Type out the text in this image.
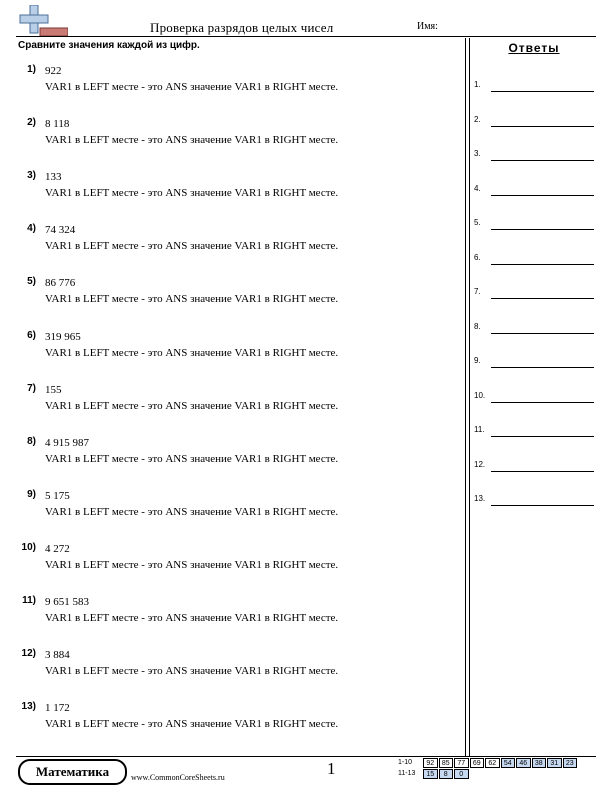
Проверка разрядов целых чисел	Имя:
Сравните значения каждой из цифр.
1) 922
VAR1 в LEFT месте - это ANS значение VAR1 в RIGHT месте.
2) 8 118
VAR1 в LEFT месте - это ANS значение VAR1 в RIGHT месте.
3) 133
VAR1 в LEFT месте - это ANS значение VAR1 в RIGHT месте.
4) 74 324
VAR1 в LEFT месте - это ANS значение VAR1 в RIGHT месте.
5) 86 776
VAR1 в LEFT месте - это ANS значение VAR1 в RIGHT месте.
6) 319 965
VAR1 в LEFT месте - это ANS значение VAR1 в RIGHT месте.
7) 155
VAR1 в LEFT месте - это ANS значение VAR1 в RIGHT месте.
8) 4 915 987
VAR1 в LEFT месте - это ANS значение VAR1 в RIGHT месте.
9) 5 175
VAR1 в LEFT месте - это ANS значение VAR1 в RIGHT месте.
10) 4 272
VAR1 в LEFT месте - это ANS значение VAR1 в RIGHT месте.
11) 9 651 583
VAR1 в LEFT месте - это ANS значение VAR1 в RIGHT месте.
12) 3 884
VAR1 в LEFT месте - это ANS значение VAR1 в RIGHT месте.
13) 1 172
VAR1 в LEFT месте - это ANS значение VAR1 в RIGHT месте.
Ответы
1.
2.
3.
4.
5.
6.
7.
8.
9.
10.
11.
12.
13.
Математика	www.CommonCoreSheets.ru	1	1-10
11-13
92	85	77	69	62	54	46	38	31	23
15	8	0
